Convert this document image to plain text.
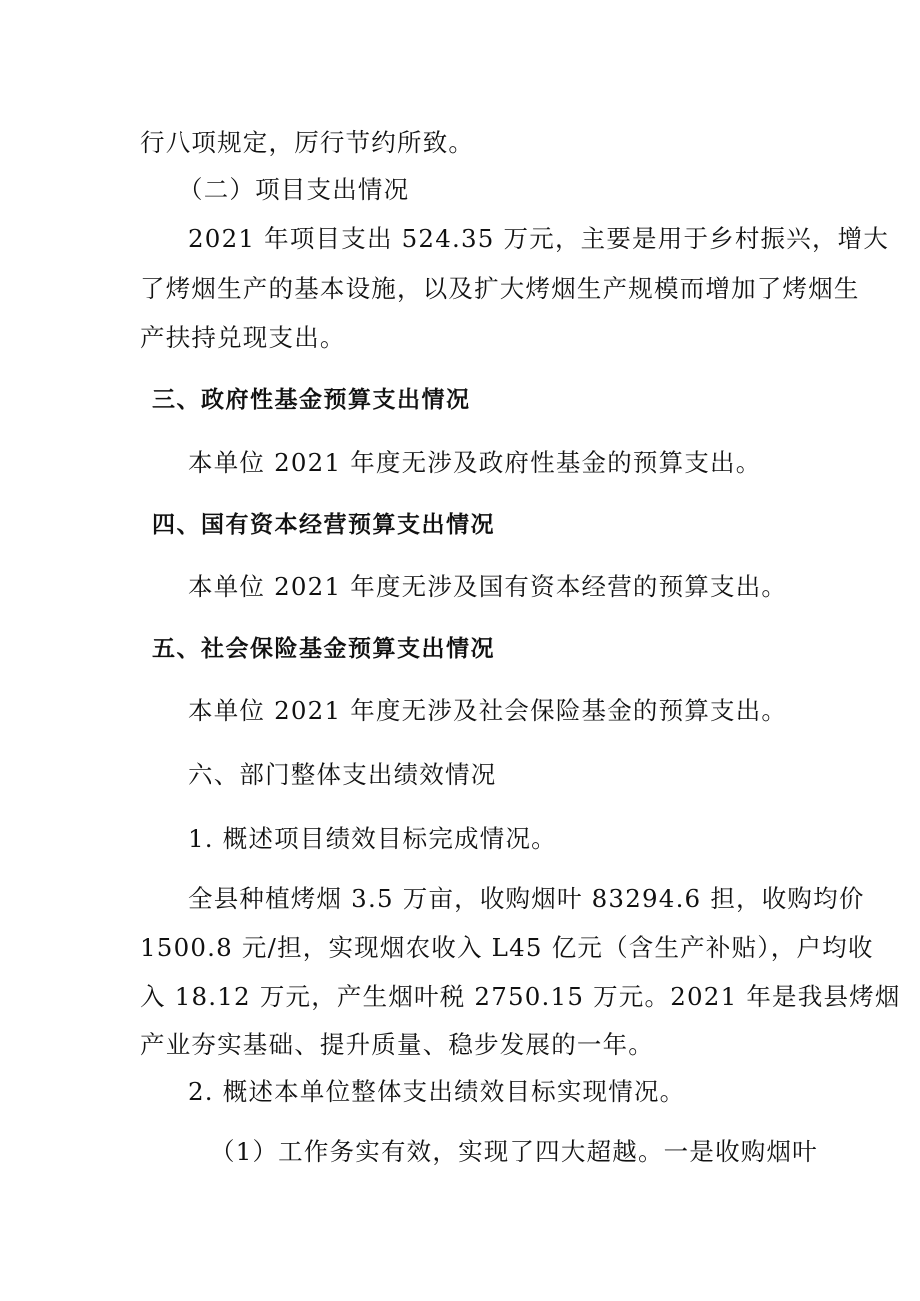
行八项规定，厉行节约所致。
（二）项目支出情况
2021 年项目支出 524.35 万元，主要是用于乡村振兴，增大
了烤烟生产的基本设施，以及扩大烤烟生产规模而增加了烤烟生
产扶持兑现支出。
三、政府性基金预算支出情况
本单位 2021 年度无涉及政府性基金的预算支出。
四、国有资本经营预算支出情况
本单位 2021 年度无涉及国有资本经营的预算支出。
五、社会保险基金预算支出情况
本单位 2021 年度无涉及社会保险基金的预算支出。
六、部门整体支出绩效情况
1. 概述项目绩效目标完成情况。
全县种植烤烟 3.5 万亩，收购烟叶 83294.6 担，收购均价
1500.8 元/担，实现烟农收入 L45 亿元（含生产补贴），户均收
入 18.12 万元，产生烟叶税 2750.15 万元。2021 年是我县烤烟
产业夯实基础、提升质量、稳步发展的一年。
2. 概述本单位整体支出绩效目标实现情况。
（1）工作务实有效，实现了四大超越。一是收购烟叶
